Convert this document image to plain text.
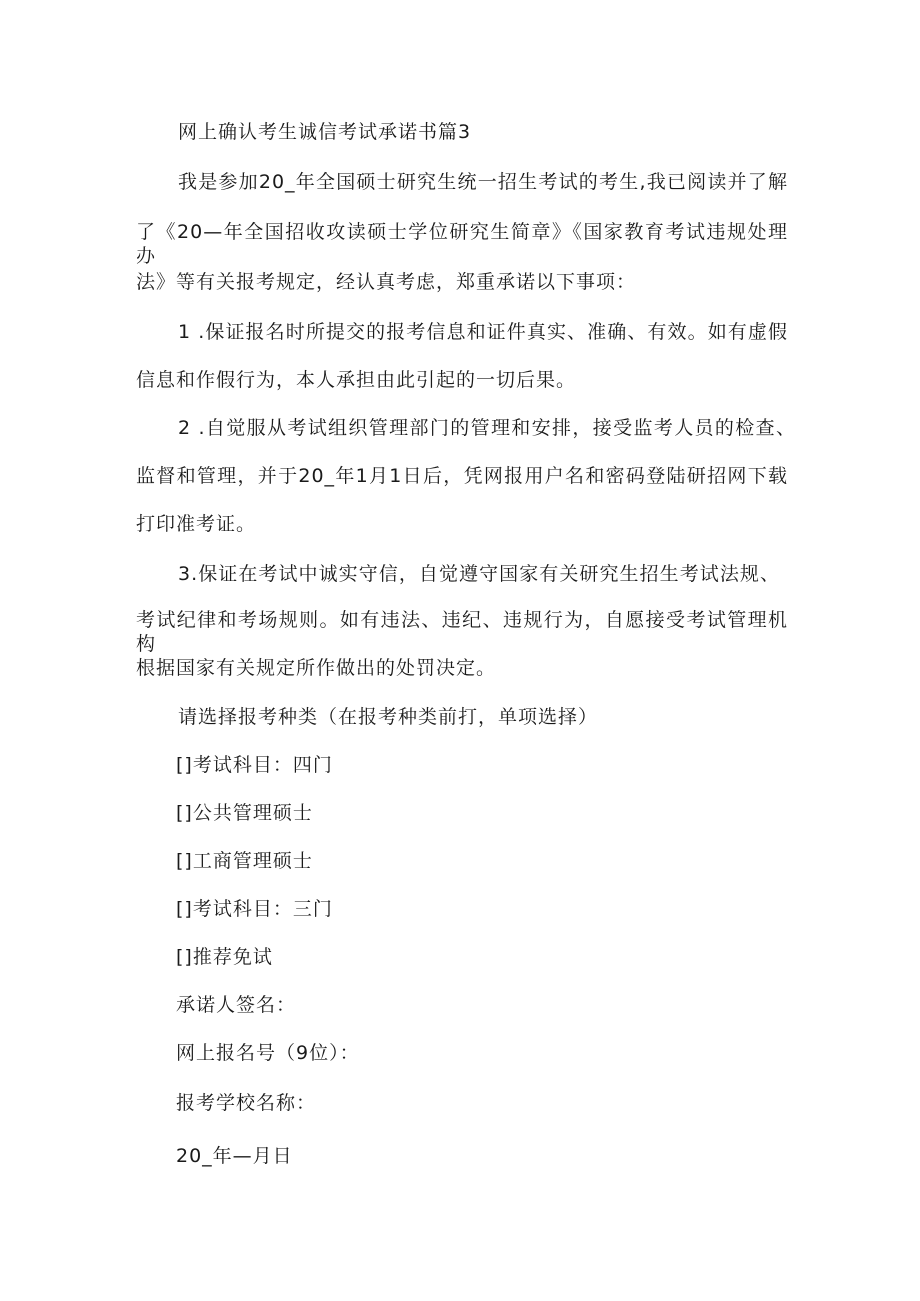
网上确认考生诚信考试承诺书篇3
我是参加20_年全国硕士研究生统一招生考试的考生,我已阅读并了解
了《20—年全国招收攻读硕士学位研究生简章》《国家教育考试违规处理办
法》等有关报考规定，经认真考虑，郑重承诺以下事项：
1 .保证报名时所提交的报考信息和证件真实、准确、有效。如有虚假
信息和作假行为，本人承担由此引起的一切后果。
2 .自觉服从考试组织管理部门的管理和安排，接受监考人员的检查、
监督和管理，并于20_年1月1日后，凭网报用户名和密码登陆研招网下载
打印准考证。
3.保证在考试中诚实守信，自觉遵守国家有关研究生招生考试法规、
考试纪律和考场规则。如有违法、违纪、违规行为，自愿接受考试管理机构
根据国家有关规定所作做出的处罚决定。
请选择报考种类（在报考种类前打，单项选择）
[]考试科目：四门
[]公共管理硕士
[]工商管理硕士
[]考试科目：三门
[]推荐免试
承诺人签名：
网上报名号（9位）：
报考学校名称：
20_年—月日
